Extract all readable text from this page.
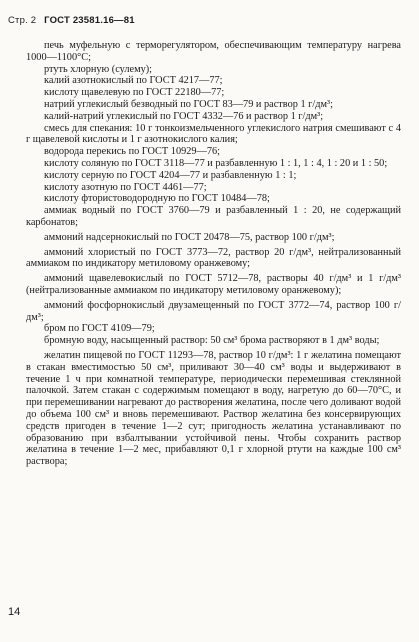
Стр. 2 ГОСТ 23581.16—81

печь муфельную с терморегулятором, обеспечивающим температуру нагрева 1000—1100°С;

ртуть хлорную (сулему);

калий азотнокислый по ГОСТ 4217—77;

кислоту щавелевую по ГОСТ 22180—77;

натрий углекислый безводный по ГОСТ 83—79 и раствор 1 г/дм³;

калий-натрий углекислый по ГОСТ 4332—76 и раствор 1 г/дм³;

смесь для спекания: 10 г тонкоизмельченного углекислого натрия смешивают с 4 г щавелевой кислоты и 1 г азотнокислого калия;

водорода перекись по ГОСТ 10929—76;

кислоту соляную по ГОСТ 3118—77 и разбавленную 1 : 1, 1 : 4, 1 : 20 и 1 : 50;

кислоту серную по ГОСТ 4204—77 и разбавленную 1 : 1;

кислоту азотную по ГОСТ 4461—77;

кислоту фтористоводородную по ГОСТ 10484—78;

аммиак водный по ГОСТ 3760—79 и разбавленный 1 : 20, не содержащий карбонатов;

аммоний надсернокислый по ГОСТ 20478—75, раствор 100 г/дм³;

аммоний хлористый по ГОСТ 3773—72, раствор 20 г/дм³, нейтрализованный аммиаком по индикатору метиловому оранжевому;

аммоний щавелевокислый по ГОСТ 5712—78, растворы 40 г/дм³ и 1 г/дм³ (нейтрализованные аммиаком по индикатору метиловому оранжевому);

аммоний фосфорнокислый двузамещенный по ГОСТ 3772—74, раствор 100 г/дм³;

бром по ГОСТ 4109—79;

бромную воду, насыщенный раствор: 50 см³ брома растворяют в 1 дм³ воды;

желатин пищевой по ГОСТ 11293—78, раствор 10 г/дм³: 1 г желатина помещают в стакан вместимостью 50 см³, приливают 30—40 см³ воды и выдерживают в течение 1 ч при комнатной температуре, периодически перемешивая стеклянной палочкой. Затем стакан с содержимым помещают в воду, нагретую до 60—70°С, и при перемешивании нагревают до растворения желатина, после чего доливают водой до объема 100 см³ и вновь перемешивают. Раствор желатина без консервирующих средств пригоден в течение 1—2 сут; пригодность желатина устанавливают по образованию при взбалтывании устойчивой пены. Чтобы сохранить раствор желатина в течение 1—2 мес, прибавляют 0,1 г хлорной ртути на каждые 100 см³ раствора;

14
